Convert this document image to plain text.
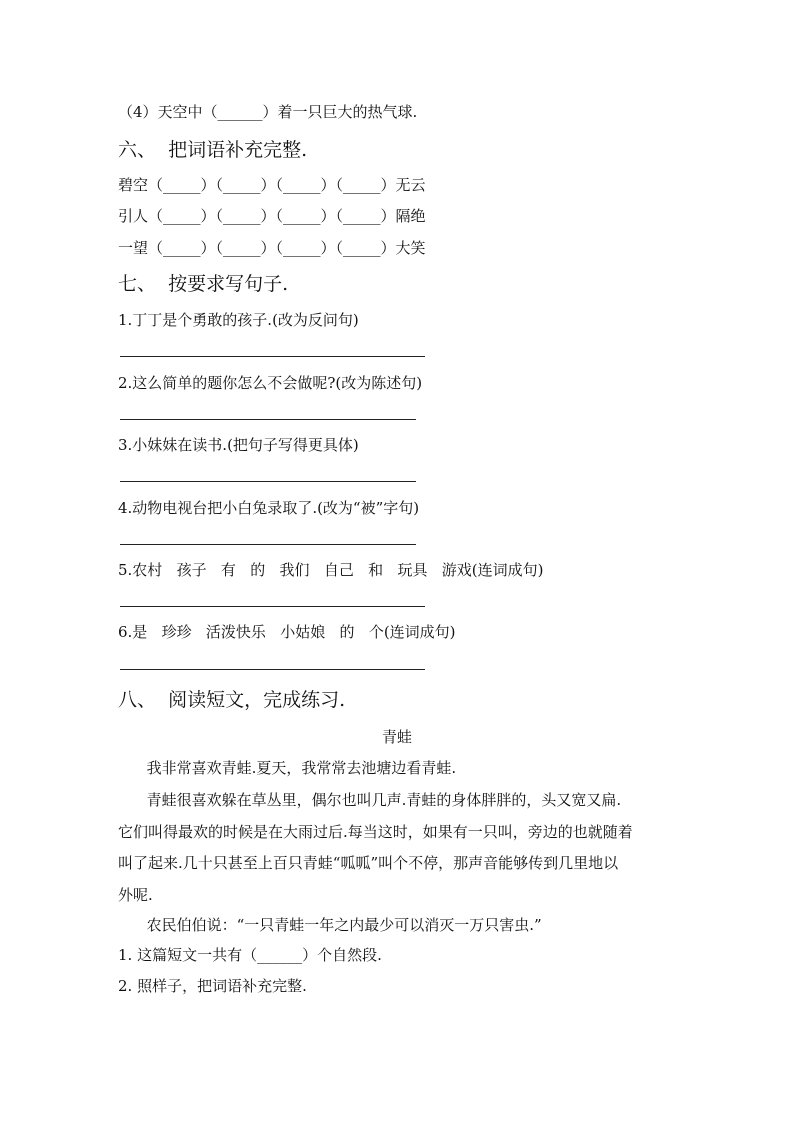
（4）天空中（______）着一只巨大的热气球.
六、  把词语补充完整.
碧空（_____）（_____）（_____）（_____）无云
引人（_____）（_____）（_____）（_____）隔绝
一望（_____）（_____）（_____）（_____）大笑
七、  按要求写句子.
1.丁丁是个勇敢的孩子.(改为反问句)
2.这么简单的题你怎么不会做呢?(改为陈述句)
3.小妹妹在读书.(把句子写得更具体)
4.动物电视台把小白兔录取了.(改为“被”字句)
5.农村   孩子   有   的   我们   自己   和   玩具   游戏(连词成句)
6.是   珍珍   活泼快乐   小姑娘   的   个(连词成句)
八、  阅读短文，完成练习.
青蛙
我非常喜欢青蛙.夏天，我常常去池塘边看青蛙.
青蛙很喜欢躲在草丛里，偶尔也叫几声.青蛙的身体胖胖的，头又宽又扁.
它们叫得最欢的时候是在大雨过后.每当这时，如果有一只叫，旁边的也就随着
叫了起来.几十只甚至上百只青蛙“呱呱”叫个不停，那声音能够传到几里地以
外呢.
农民伯伯说：“一只青蛙一年之内最少可以消灭一万只害虫.”
1. 这篇短文一共有（______）个自然段.
2. 照样子，把词语补充完整.
